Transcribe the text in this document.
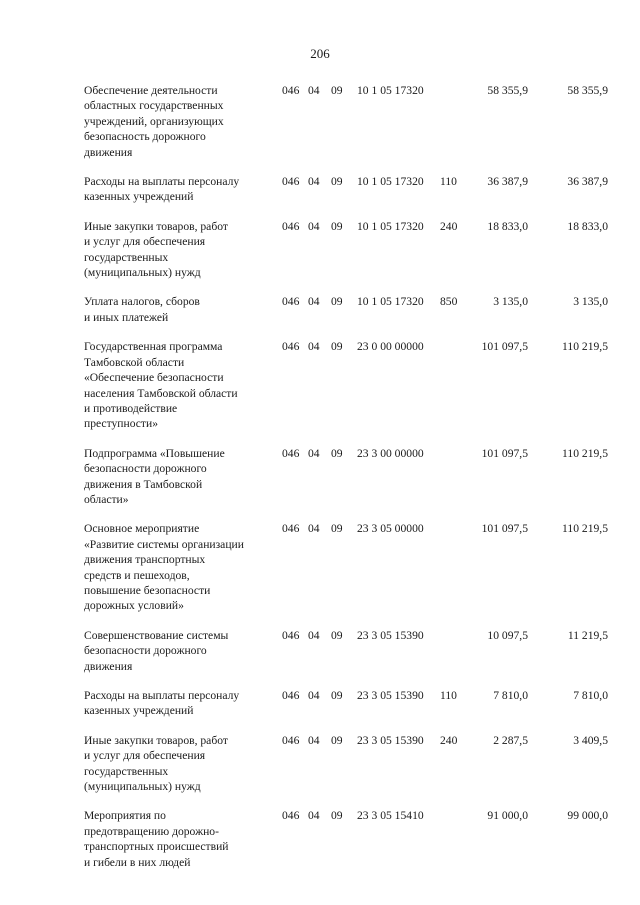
206
Обеспечение деятельности
областных государственных
учреждений, организующих
безопасность дорожного
движения
046 04 09 10 1 05 17320	58 355,9	58 355,9
Расходы на выплаты персоналу
казенных учреждений
046 04 09 10 1 05 17320 110	36 387,9	36 387,9
Иные закупки товаров, работ
и услуг для обеспечения
государственных
(муниципальных) нужд
046 04 09 10 1 05 17320 240	18 833,0	18 833,0
Уплата налогов, сборов
и иных платежей
046 04 09 10 1 05 17320 850	3 135,0	3 135,0
Государственная программа
Тамбовской области
«Обеспечение безопасности
населения Тамбовской области
и противодействие
преступности»
046 04 09 23 0 00 00000	101 097,5	110 219,5
Подпрограмма «Повышение
безопасности дорожного
движения в Тамбовской
области»
046 04 09 23 3 00 00000	101 097,5	110 219,5
Основное мероприятие
«Развитие системы организации
движения транспортных
средств и пешеходов,
повышение безопасности
дорожных условий»
046 04 09 23 3 05 00000	101 097,5	110 219,5
Совершенствование системы
безопасности дорожного
движения
046 04 09 23 3 05 15390	10 097,5	11 219,5
Расходы на выплаты персоналу
казенных учреждений
046 04 09 23 3 05 15390 110	7 810,0	7 810,0
Иные закупки товаров, работ
и услуг для обеспечения
государственных
(муниципальных) нужд
046 04 09 23 3 05 15390 240	2 287,5	3 409,5
Мероприятия по
предотвращению дорожно-
транспортных происшествий
и гибели в них людей
046 04 09 23 3 05 15410	91 000,0	99 000,0
